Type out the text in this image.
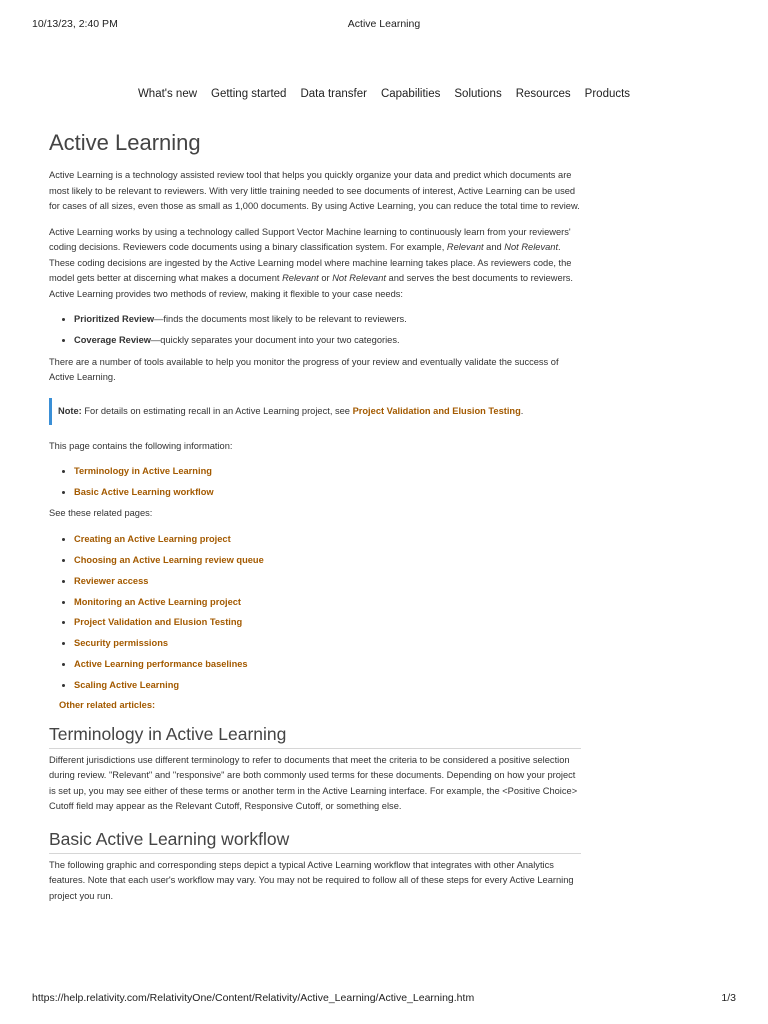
10/13/23, 2:40 PM	Active Learning
What's new Getting started Data transfer Capabilities Solutions Resources Products
Active Learning

Active Learning is a technology assisted review tool that helps you quickly organize your data and predict which documents are most likely to be relevant to reviewers. With very little training needed to see documents of interest, Active Learning can be used for cases of all sizes, even those as small as 1,000 documents. By using Active Learning, you can reduce the total time to review.

Active Learning works by using a technology called Support Vector Machine learning to continuously learn from your reviewers' coding decisions. Reviewers code documents using a binary classification system. For example, Relevant and Not Relevant. These coding decisions are ingested by the Active Learning model where machine learning takes place. As reviewers code, the model gets better at discerning what makes a document Relevant or Not Relevant and serves the best documents to reviewers. Active Learning provides two methods of review, making it flexible to your case needs:

• Prioritized Review—finds the documents most likely to be relevant to reviewers.
• Coverage Review—quickly separates your document into your two categories.

There are a number of tools available to help you monitor the progress of your review and eventually validate the success of Active Learning.

Note: For details on estimating recall in an Active Learning project, see Project Validation and Elusion Testing.

This page contains the following information:

• Terminology in Active Learning
• Basic Active Learning workflow

See these related pages:

• Creating an Active Learning project
• Choosing an Active Learning review queue
• Reviewer access
• Monitoring an Active Learning project
• Project Validation and Elusion Testing
• Security permissions
• Active Learning performance baselines
• Scaling Active Learning
Other related articles:
Terminology in Active Learning

Different jurisdictions use different terminology to refer to documents that meet the criteria to be considered a positive selection during review. "Relevant" and "responsive" are both commonly used terms for these documents. Depending on how your project is set up, you may see either of these terms or another term in the Active Learning interface. For example, the <Positive Choice> Cutoff field may appear as the Relevant Cutoff, Responsive Cutoff, or something else.

Basic Active Learning workflow

The following graphic and corresponding steps depict a typical Active Learning workflow that integrates with other Analytics features. Note that each user's workflow may vary. You may not be required to follow all of these steps for every Active Learning project you run.

https://help.relativity.com/RelativityOne/Content/Relativity/Active_Learning/Active_Learning.htm	1/3
